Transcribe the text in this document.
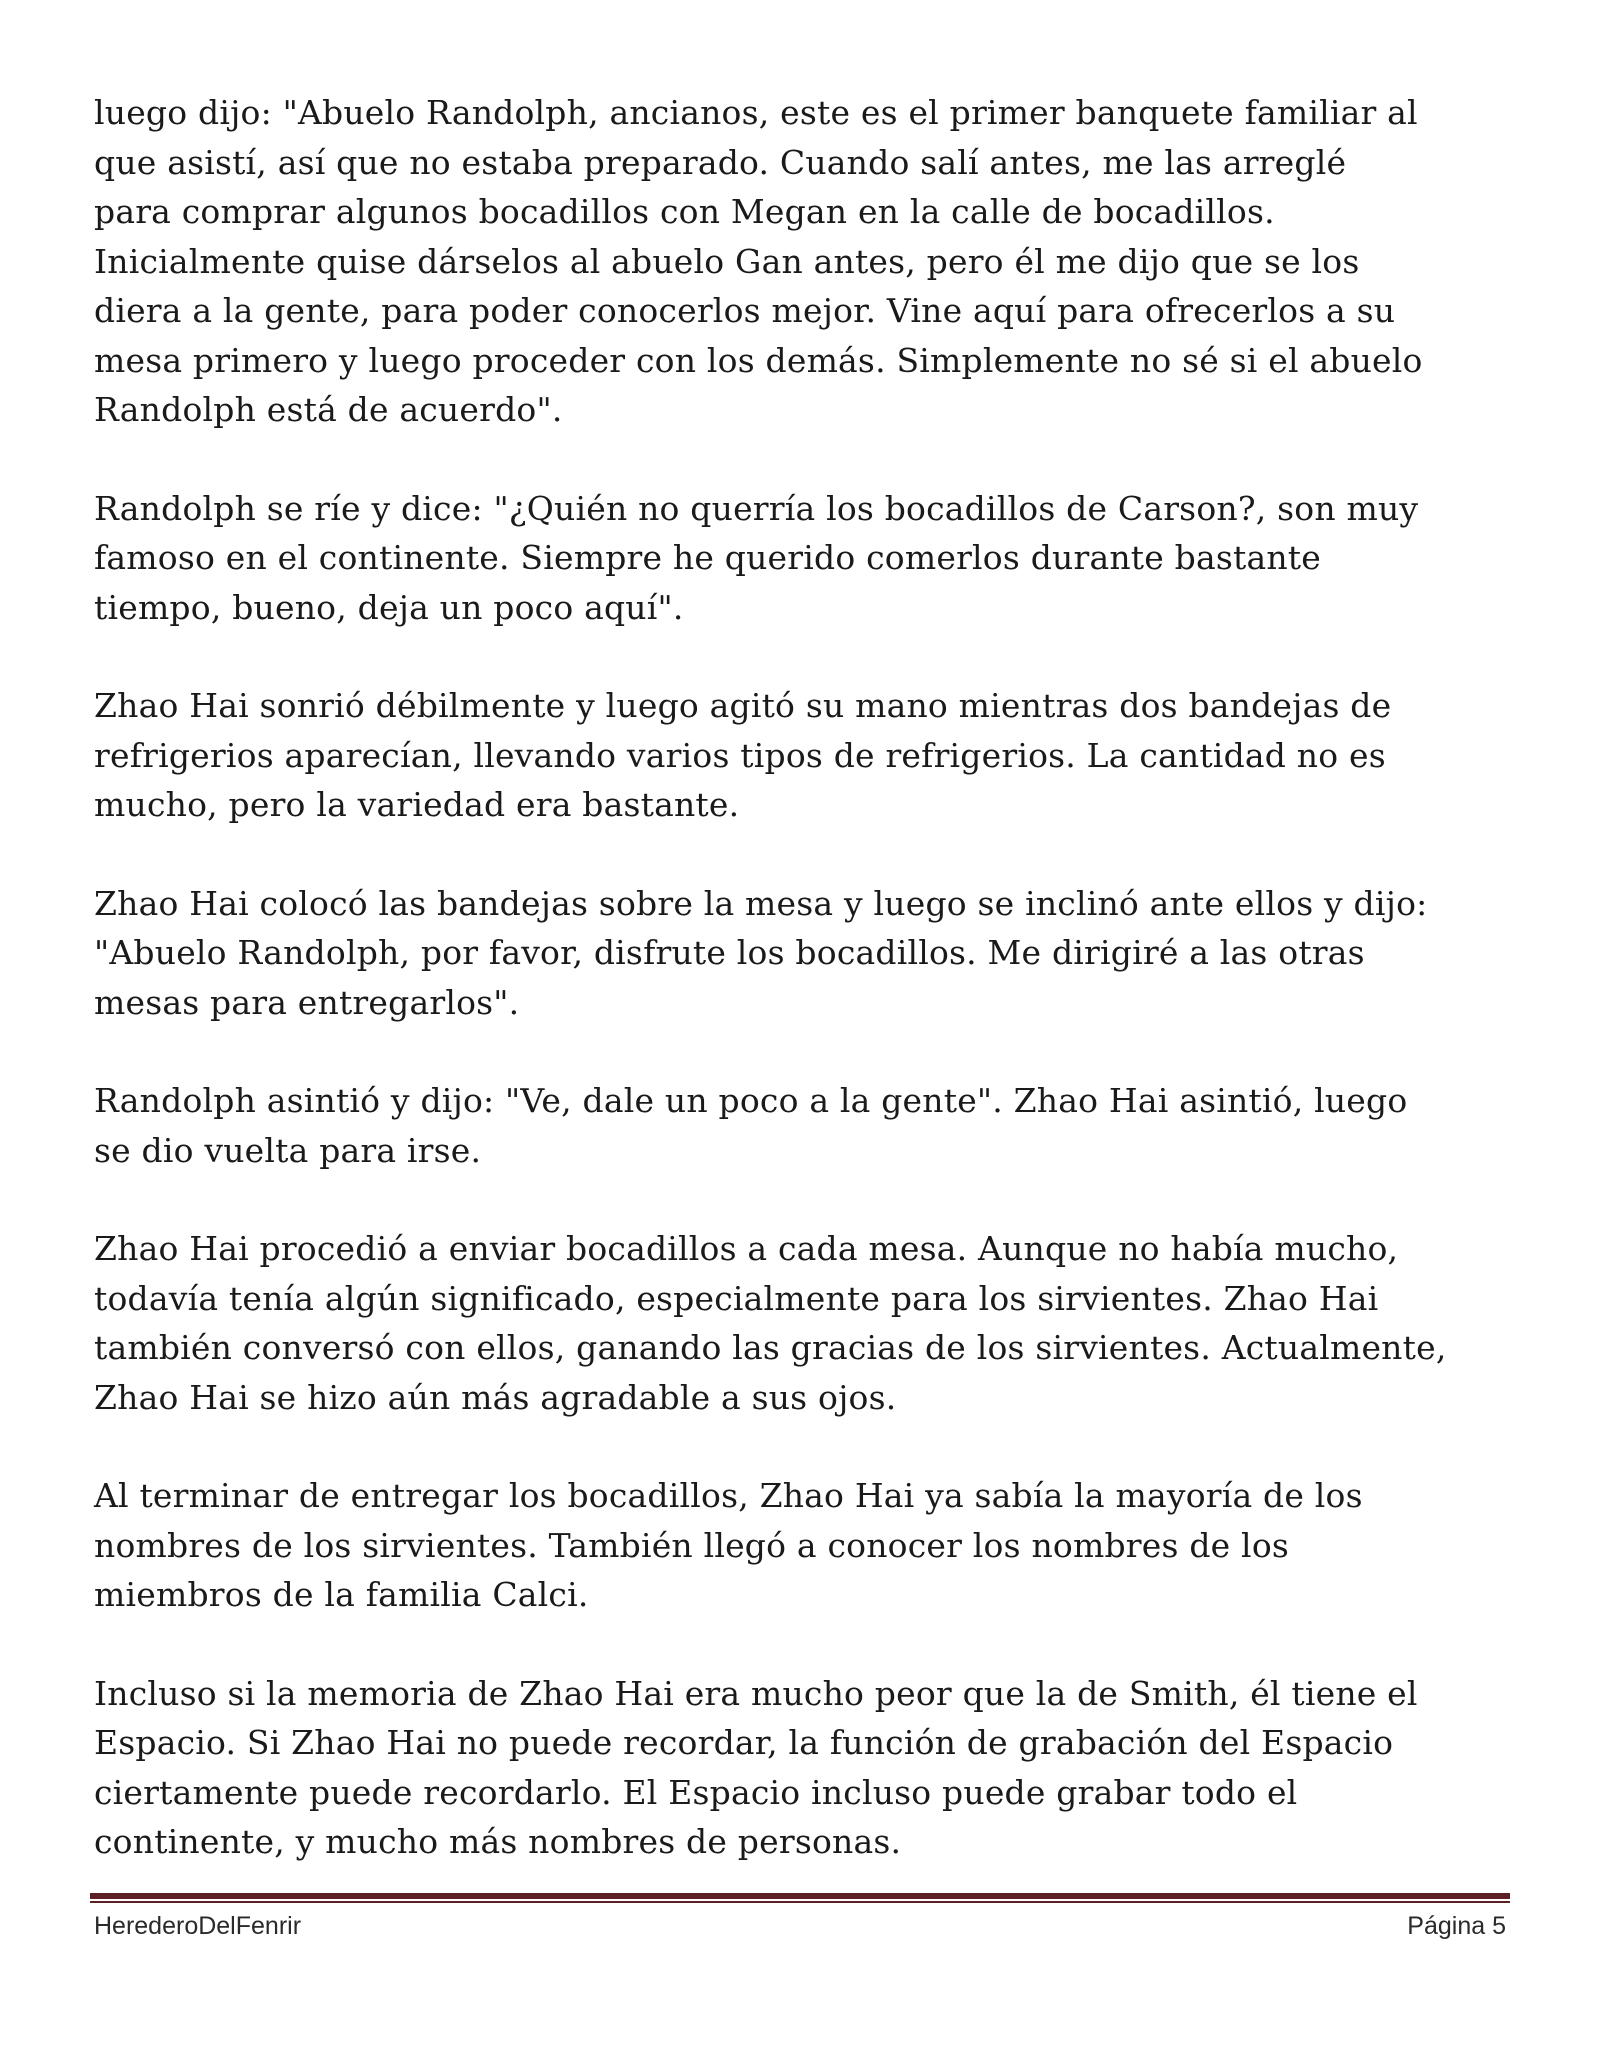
luego dijo: "Abuelo Randolph, ancianos, este es el primer banquete familiar al
que asistí, así que no estaba preparado. Cuando salí antes, me las arreglé
para comprar algunos bocadillos con Megan en la calle de bocadillos.
Inicialmente quise dárselos al abuelo Gan antes, pero él me dijo que se los
diera a la gente, para poder conocerlos mejor. Vine aquí para ofrecerlos a su
mesa primero y luego proceder con los demás. Simplemente no sé si el abuelo
Randolph está de acuerdo".

Randolph se ríe y dice: "¿Quién no querría los bocadillos de Carson?, son muy
famoso en el continente. Siempre he querido comerlos durante bastante
tiempo, bueno, deja un poco aquí".

Zhao Hai sonrió débilmente y luego agitó su mano mientras dos bandejas de
refrigerios aparecían, llevando varios tipos de refrigerios. La cantidad no es
mucho, pero la variedad era bastante.

Zhao Hai colocó las bandejas sobre la mesa y luego se inclinó ante ellos y dijo:
"Abuelo Randolph, por favor, disfrute los bocadillos. Me dirigiré a las otras
mesas para entregarlos".

Randolph asintió y dijo: "Ve, dale un poco a la gente". Zhao Hai asintió, luego
se dio vuelta para irse.

Zhao Hai procedió a enviar bocadillos a cada mesa. Aunque no había mucho,
todavía tenía algún significado, especialmente para los sirvientes. Zhao Hai
también conversó con ellos, ganando las gracias de los sirvientes. Actualmente,
Zhao Hai se hizo aún más agradable a sus ojos.

Al terminar de entregar los bocadillos, Zhao Hai ya sabía la mayoría de los
nombres de los sirvientes. También llegó a conocer los nombres de los
miembros de la familia Calci.

Incluso si la memoria de Zhao Hai era mucho peor que la de Smith, él tiene el
Espacio. Si Zhao Hai no puede recordar, la función de grabación del Espacio
ciertamente puede recordarlo. El Espacio incluso puede grabar todo el
continente, y mucho más nombres de personas.

HerederoDelFenrir	Página 5
